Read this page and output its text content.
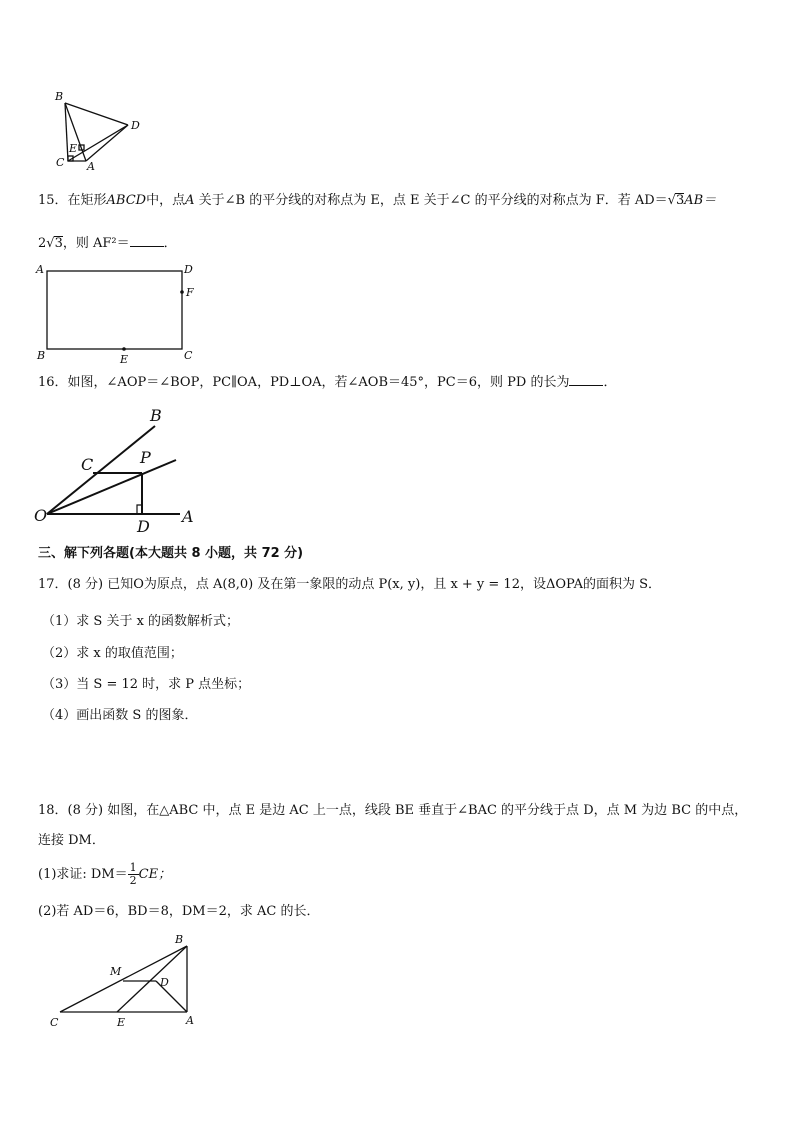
B
D
E
C A
15．在矩形ABCD中，点A 关于∠B 的平分线的对称点为 E，点 E 关于∠C 的平分线的对称点为 F．若 AD＝√3AB＝
2√3，则 AF²＝	．
A	D
F
B	E	C
16．如图，∠AOP＝∠BOP，PC∥OA，PD⊥OA，若∠AOB＝45°，PC＝6，则 PD 的长为	．
B
C	P
O
D
A
三、解下列各题(本大题共 8 小题，共 72 分)
17．(8 分) 已知O为原点，点 A(8,0) 及在第一象限的动点 P(x, y)，且 x + y = 12，设ΔOPA的面积为 S．
（1）求 S 关于 x 的函数解析式；
（2）求 x 的取值范围；
（3）当 S = 12 时，求 P 点坐标；
（4）画出函数 S 的图象．
18．(8 分) 如图，在△ABC 中，点 E 是边 AC 上一点，线段 BE 垂直于∠BAC 的平分线于点 D，点 M 为边 BC 的中点，
连接 DM．
(1)求证: $DM= \frac{1}{2}$ CE；
(2)若 AD＝6，BD＝8，DM＝2，求 AC 的长．
B
M
D
C	E	A
